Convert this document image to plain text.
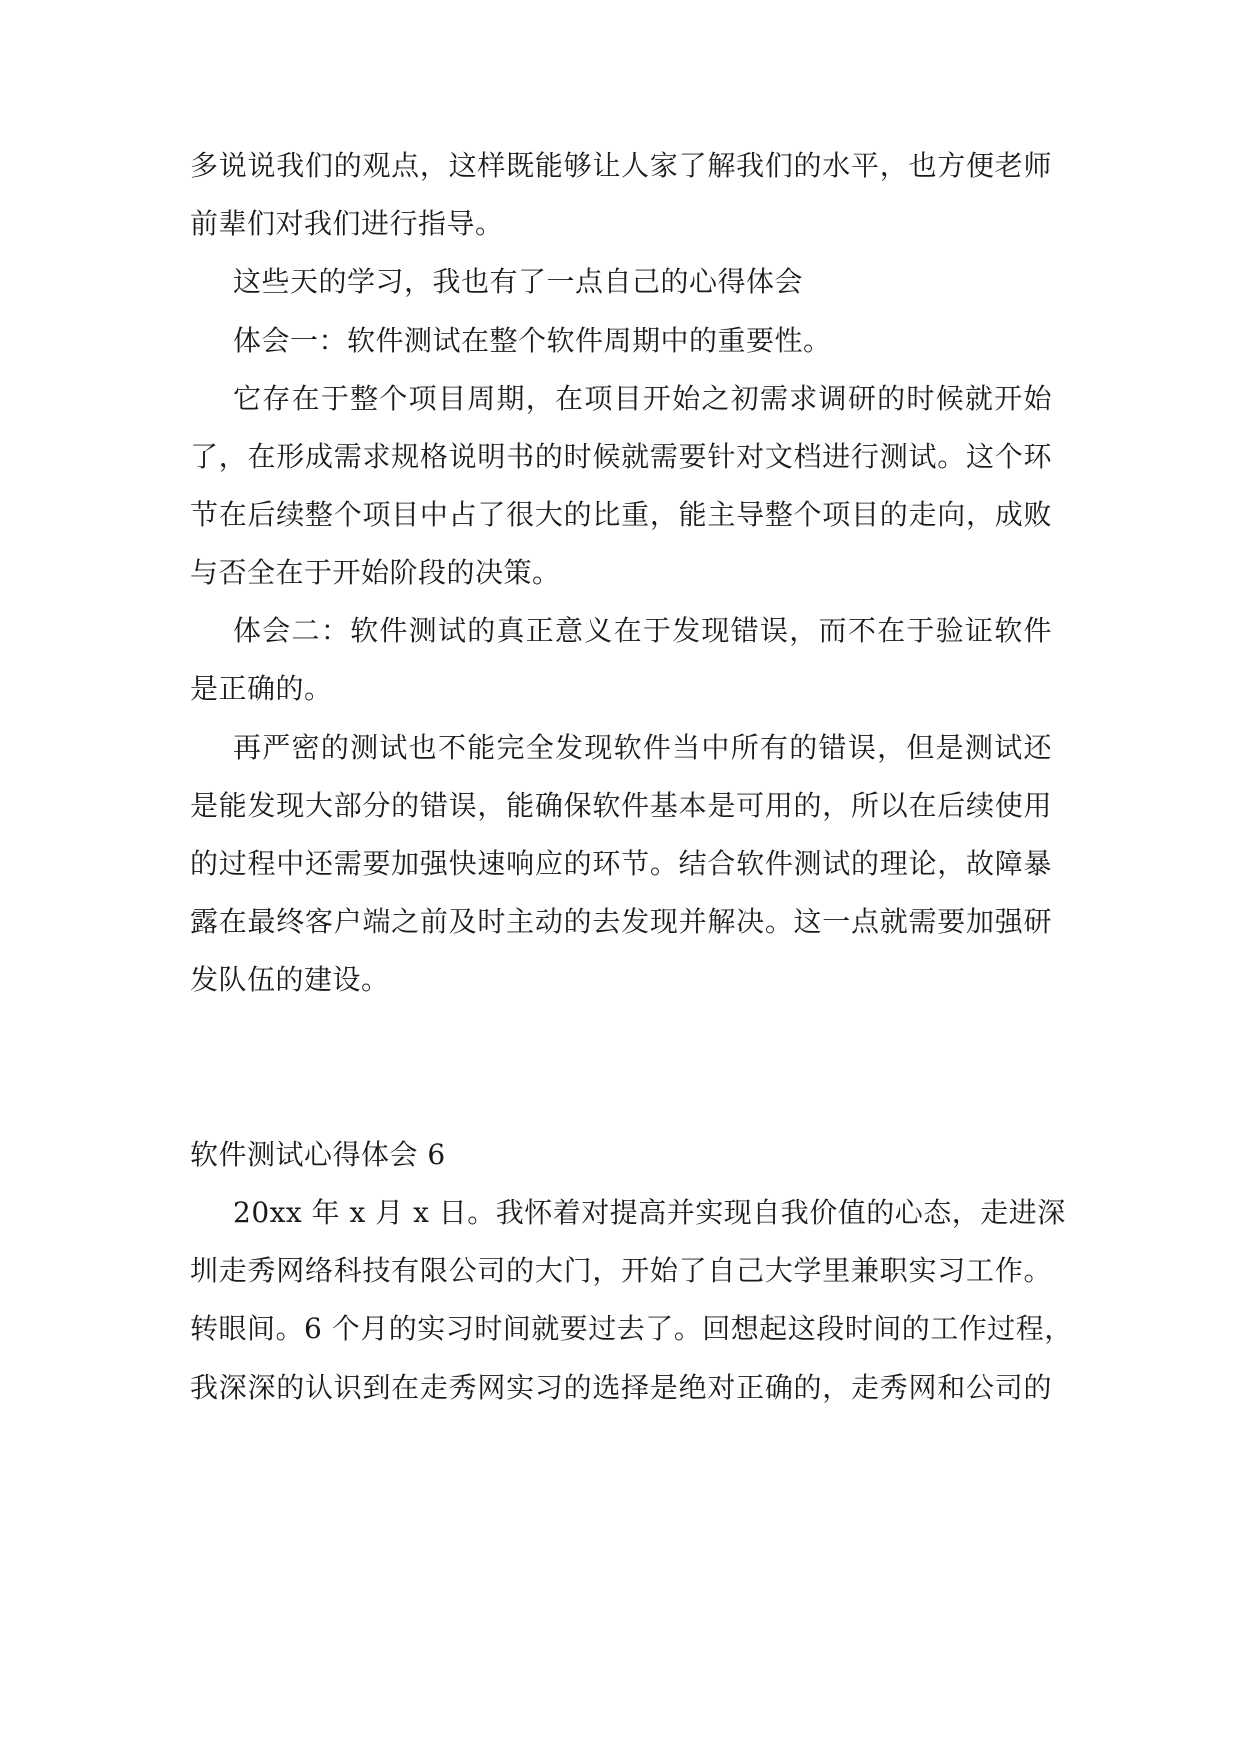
多说说我们的观点，这样既能够让人家了解我们的水平，也方便老师
前辈们对我们进行指导。
这些天的学习，我也有了一点自己的心得体会
体会一：软件测试在整个软件周期中的重要性。
它存在于整个项目周期，在项目开始之初需求调研的时候就开始
了，在形成需求规格说明书的时候就需要针对文档进行测试。这个环
节在后续整个项目中占了很大的比重，能主导整个项目的走向，成败
与否全在于开始阶段的决策。
体会二：软件测试的真正意义在于发现错误，而不在于验证软件
是正确的。
再严密的测试也不能完全发现软件当中所有的错误，但是测试还
是能发现大部分的错误，能确保软件基本是可用的，所以在后续使用
的过程中还需要加强快速响应的环节。结合软件测试的理论，故障暴
露在最终客户端之前及时主动的去发现并解决。这一点就需要加强研
发队伍的建设。
软件测试心得体会 6
20xx 年 x 月 x 日。我怀着对提高并实现自我价值的心态，走进深
圳走秀网络科技有限公司的大门，开始了自己大学里兼职实习工作。
转眼间。6 个月的实习时间就要过去了。回想起这段时间的工作过程，
我深深的认识到在走秀网实习的选择是绝对正确的，走秀网和公司的
